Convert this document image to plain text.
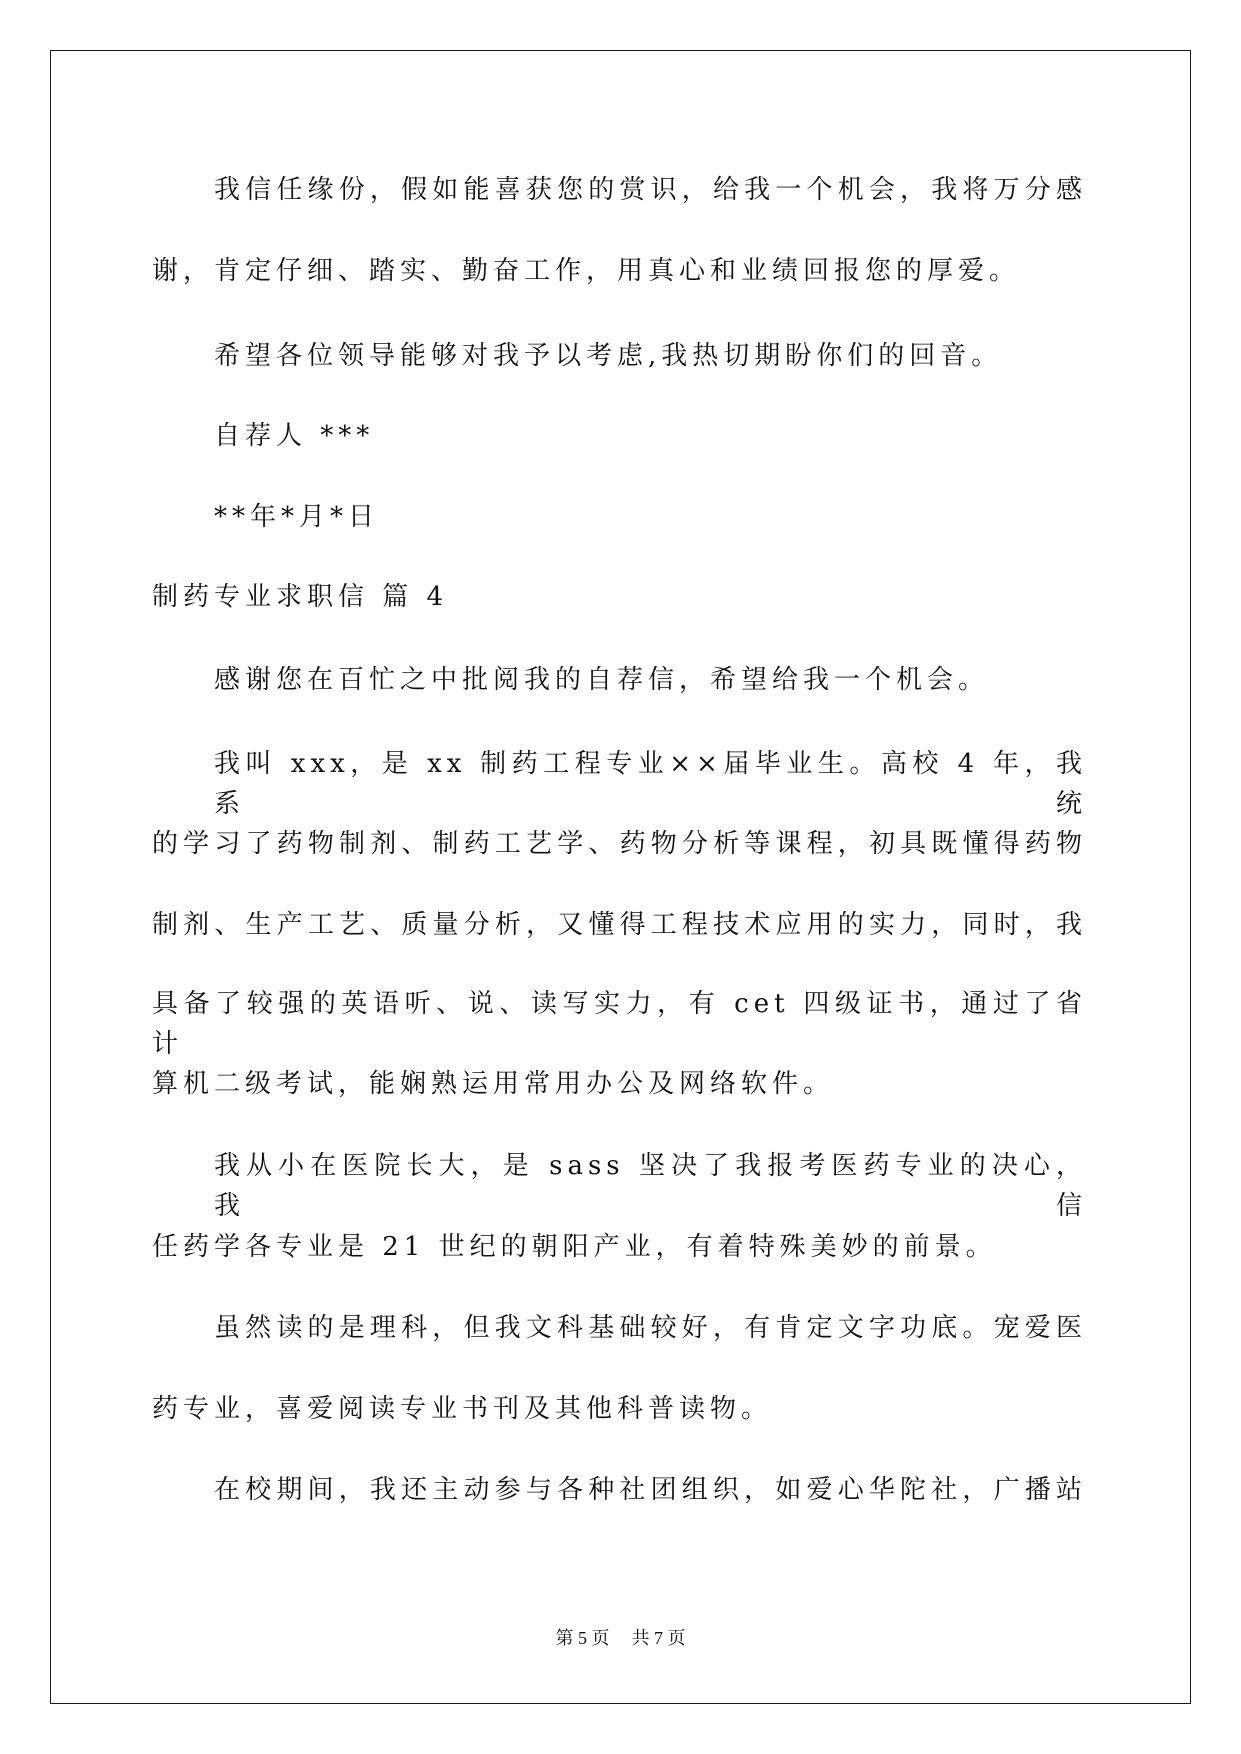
我信任缘份，假如能喜获您的赏识，给我一个机会，我将万分感
谢，肯定仔细、踏实、勤奋工作，用真心和业绩回报您的厚爱。
希望各位领导能够对我予以考虑,我热切期盼你们的回音。
自荐人 ***
**年*月*日
制药专业求职信 篇 4
感谢您在百忙之中批阅我的自荐信，希望给我一个机会。
我叫 xxx，是 xx 制药工程专业××届毕业生。高校 4 年，我系统
的学习了药物制剂、制药工艺学、药物分析等课程，初具既懂得药物
制剂、生产工艺、质量分析，又懂得工程技术应用的实力，同时，我
具备了较强的英语听、说、读写实力，有 cet 四级证书，通过了省计
算机二级考试，能娴熟运用常用办公及网络软件。
我从小在医院长大，是 sass 坚决了我报考医药专业的决心，我信
任药学各专业是 21 世纪的朝阳产业，有着特殊美妙的前景。
虽然读的是理科，但我文科基础较好，有肯定文字功底。宠爱医
药专业，喜爱阅读专业书刊及其他科普读物。
在校期间，我还主动参与各种社团组织，如爱心华陀社，广播站
第 5 页 共 7 页
